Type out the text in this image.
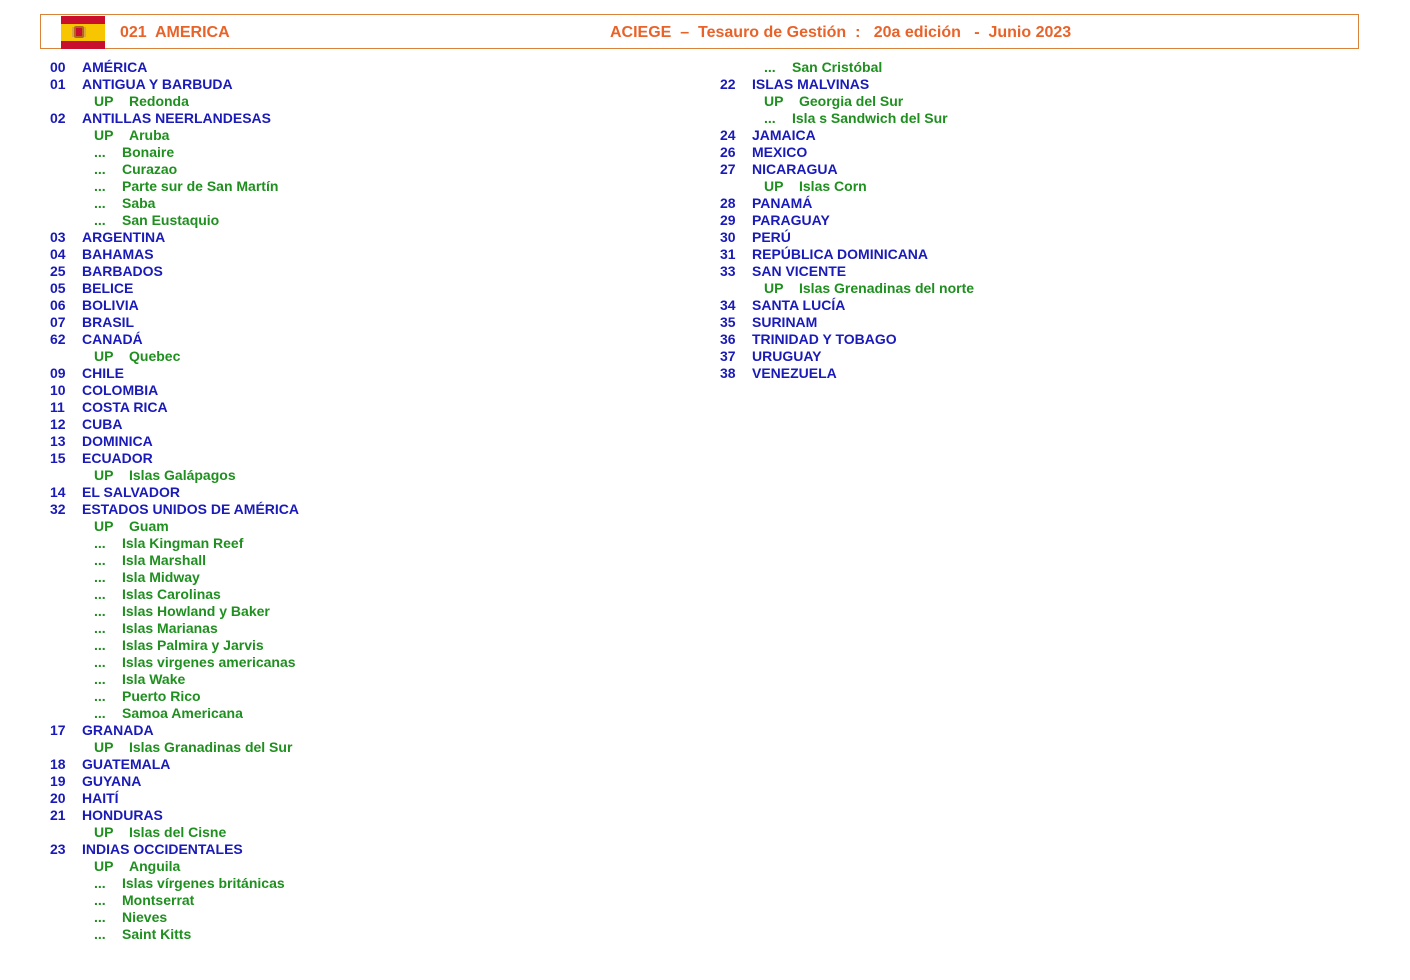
021  AMERICA	ACIEGE  –  Tesauro de Gestión  :   20a edición   -  Junio 2023
00 AMÉRICA
01 ANTIGUA Y BARBUDA
UP Redonda
02 ANTILLAS NEERLANDESAS
UP Aruba
... Bonaire
... Curazao
... Parte sur de San Martín
... Saba
... San Eustaquio
03 ARGENTINA
04 BAHAMAS
25 BARBADOS
05 BELICE
06 BOLIVIA
07 BRASIL
62 CANADÁ
UP Quebec
09 CHILE
10 COLOMBIA
11 COSTA RICA
12 CUBA
13 DOMINICA
15 ECUADOR
UP Islas Galápagos
14 EL SALVADOR
32 ESTADOS UNIDOS DE AMÉRICA
UP Guam
... Isla Kingman Reef
... Isla Marshall
... Isla Midway
... Islas Carolinas
... Islas Howland y Baker
... Islas Marianas
... Islas Palmira y Jarvis
... Islas virgenes americanas
... Isla Wake
... Puerto Rico
... Samoa Americana
17 GRANADA
UP Islas Granadinas del Sur
18 GUATEMALA
19 GUYANA
20 HAITÍ
21 HONDURAS
UP Islas del Cisne
23 INDIAS OCCIDENTALES
UP Anguila
... Islas vírgenes británicas
... Montserrat
... Nieves
... Saint Kitts
... San Cristóbal
22 ISLAS MALVINAS
UP Georgia del Sur
... Isla s Sandwich del Sur
24 JAMAICA
26 MEXICO
27 NICARAGUA
UP Islas Corn
28 PANAMÁ
29 PARAGUAY
30 PERÚ
31 REPÚBLICA DOMINICANA
33 SAN VICENTE
UP Islas Grenadinas del norte
34 SANTA LUCÍA
35 SURINAM
36 TRINIDAD Y TOBAGO
37 URUGUAY
38 VENEZUELA
